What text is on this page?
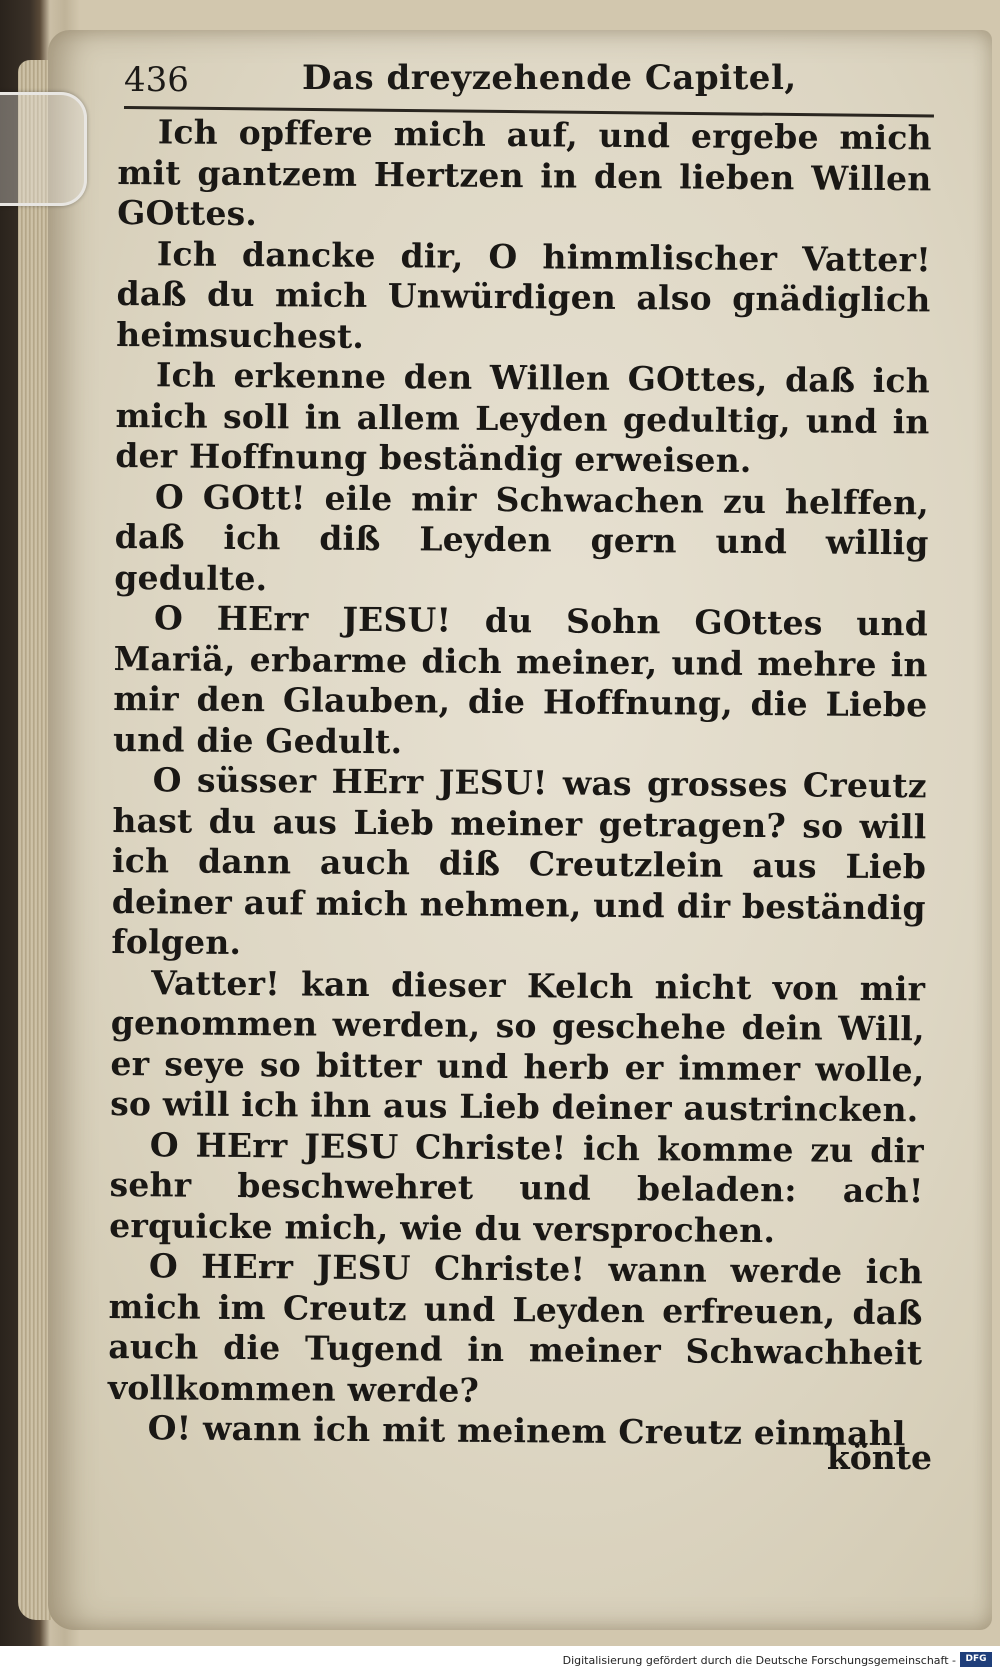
436	Das dreyzehende Capitel,

Ich opffere mich auf, und ergebe mich mit gantzem Hertzen in den lieben Willen GOttes.

Ich dancke dir, O himmlischer Vatter! daß du mich Unwürdigen also gnädiglich heimsuchest.

Ich erkenne den Willen GOttes, daß ich mich soll in allem Leyden gedultig, und in der Hoffnung beständig erweisen.

O GOtt! eile mir Schwachen zu helffen, daß ich diß Leyden gern und willig gedulte.

O HErr JESU! du Sohn GOttes und Mariä, erbarme dich meiner, und mehre in mir den Glauben, die Hoffnung, die Liebe und die Gedult.

O süsser HErr JESU! was grosses Creutz hast du aus Lieb meiner getragen? so will ich dann auch diß Creutzlein aus Lieb deiner auf mich nehmen, und dir beständig folgen.

Vatter! kan dieser Kelch nicht von mir genommen werden, so geschehe dein Will, er seye so bitter und herb er immer wolle, so will ich ihn aus Lieb deiner austrincken.

O HErr JESU Christe! ich komme zu dir sehr beschwehret und beladen: ach! erquicke mich, wie du versprochen.

O HErr JESU Christe! wann werde ich mich im Creutz und Leyden erfreuen, daß auch die Tugend in meiner Schwachheit vollkommen werde?

O! wann ich mit meinem Creutz einmahl

könte
Digitalisierung gefördert durch die Deutsche Forschungsgemeinschaft -	DFG
